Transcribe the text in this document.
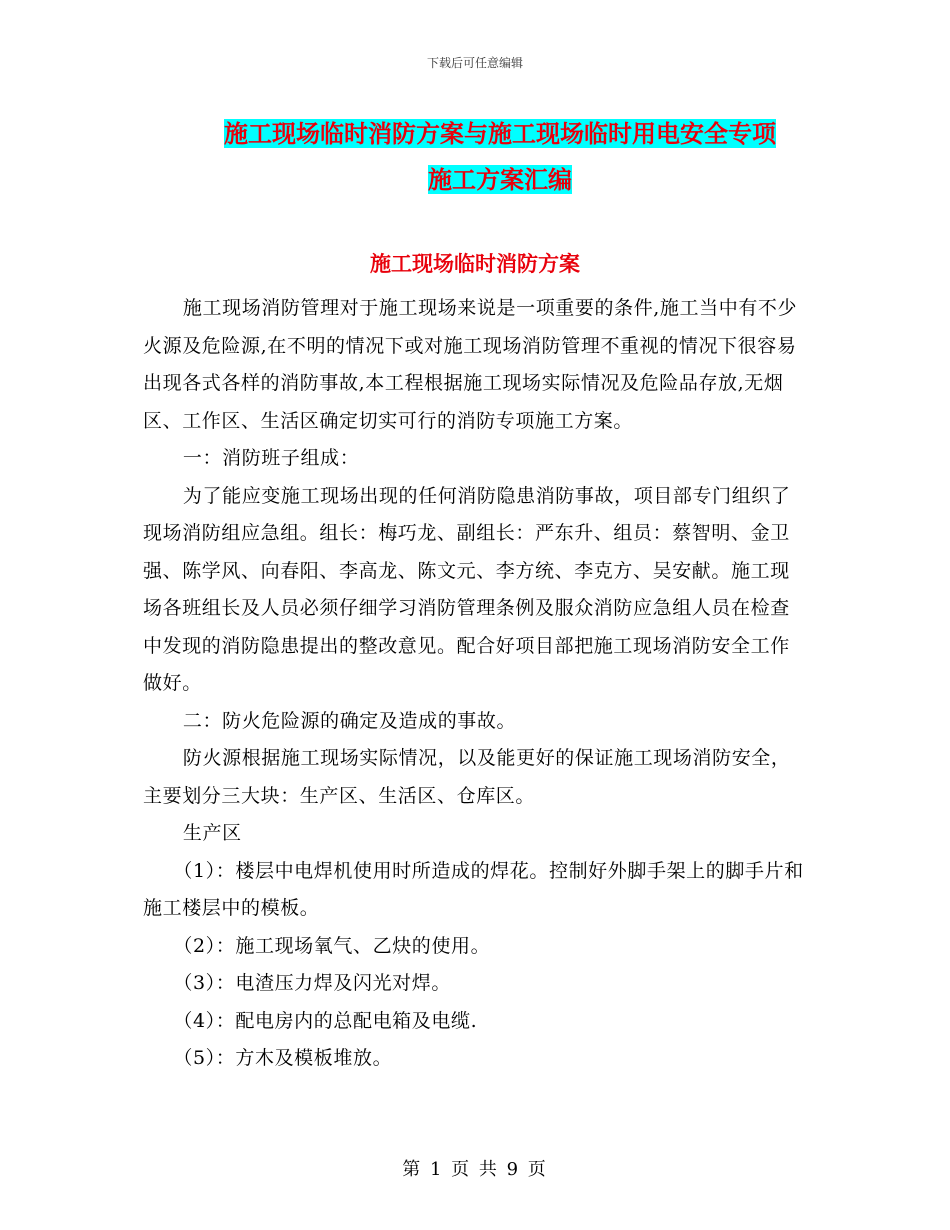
下载后可任意编辑
施工现场临时消防方案与施工现场临时用电安全专项
施工方案汇编
施工现场临时消防方案

施工现场消防管理对于施工现场来说是一项重要的条件,施工当中有不少火源及危险源,在不明的情况下或对施工现场消防管理不重视的情况下很容易出现各式各样的消防事故,本工程根据施工现场实际情况及危险品存放,无烟区、工作区、生活区确定切实可行的消防专项施工方案。

一：消防班子组成：

为了能应变施工现场出现的任何消防隐患消防事故，项目部专门组织了现场消防组应急组。组长：梅巧龙、副组长：严东升、组员：蔡智明、金卫强、陈学风、向春阳、李高龙、陈文元、李方统、李克方、吴安献。施工现场各班组长及人员必须仔细学习消防管理条例及服众消防应急组人员在检查中发现的消防隐患提出的整改意见。配合好项目部把施工现场消防安全工作做好。

二：防火危险源的确定及造成的事故。

防火源根据施工现场实际情况，以及能更好的保证施工现场消防安全，主要划分三大块：生产区、生活区、仓库区。

生产区

（1）：楼层中电焊机使用时所造成的焊花。控制好外脚手架上的脚手片和施工楼层中的模板。

（2）：施工现场氧气、乙炔的使用。

（3）：电渣压力焊及闪光对焊。

（4）：配电房内的总配电箱及电缆.

（5）：方木及模板堆放。

第 1 页 共 9 页
